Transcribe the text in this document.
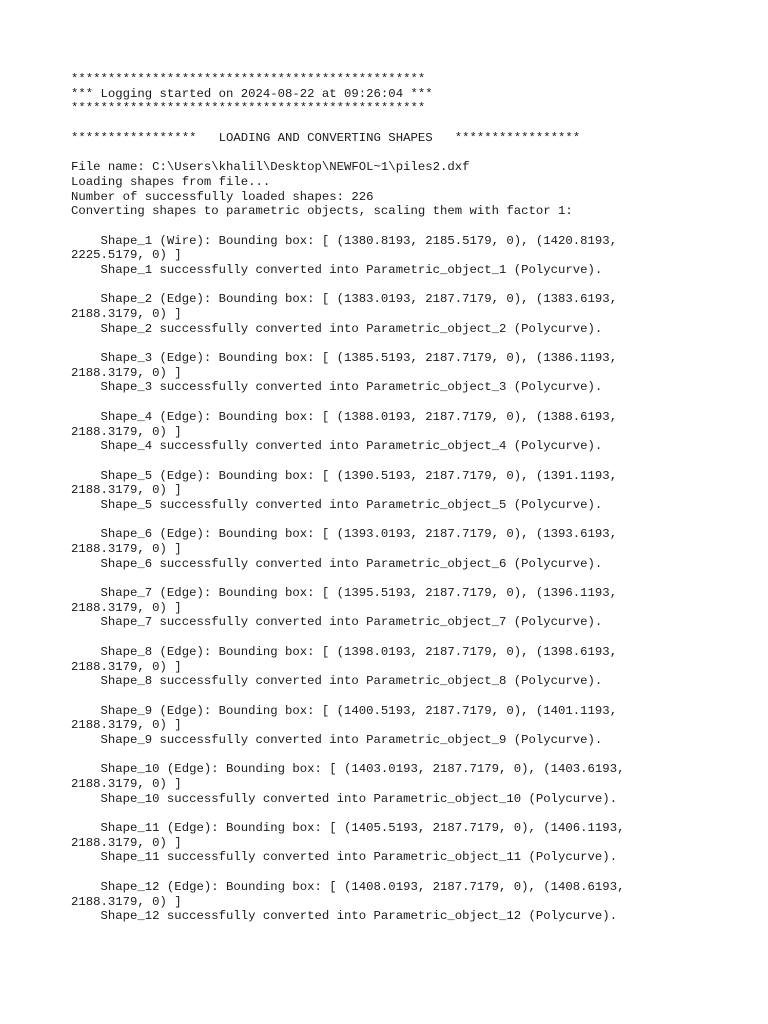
************************************************
*** Logging started on 2024-08-22 at 09:26:04 ***
************************************************
*****************   LOADING AND CONVERTING SHAPES   *****************
File name: C:\Users\khalil\Desktop\NEWFOL~1\piles2.dxf
Loading shapes from file...
Number of successfully loaded shapes: 226
Converting shapes to parametric objects, scaling them with factor 1:
Shape_1 (Wire): Bounding box: [ (1380.8193, 2185.5179, 0), (1420.8193,
2225.5179, 0) ]
Shape_1 successfully converted into Parametric_object_1 (Polycurve).
Shape_2 (Edge): Bounding box: [ (1383.0193, 2187.7179, 0), (1383.6193,
2188.3179, 0) ]
Shape_2 successfully converted into Parametric_object_2 (Polycurve).
Shape_3 (Edge): Bounding box: [ (1385.5193, 2187.7179, 0), (1386.1193,
2188.3179, 0) ]
Shape_3 successfully converted into Parametric_object_3 (Polycurve).
Shape_4 (Edge): Bounding box: [ (1388.0193, 2187.7179, 0), (1388.6193,
2188.3179, 0) ]
Shape_4 successfully converted into Parametric_object_4 (Polycurve).
Shape_5 (Edge): Bounding box: [ (1390.5193, 2187.7179, 0), (1391.1193,
2188.3179, 0) ]
Shape_5 successfully converted into Parametric_object_5 (Polycurve).
Shape_6 (Edge): Bounding box: [ (1393.0193, 2187.7179, 0), (1393.6193,
2188.3179, 0) ]
Shape_6 successfully converted into Parametric_object_6 (Polycurve).
Shape_7 (Edge): Bounding box: [ (1395.5193, 2187.7179, 0), (1396.1193,
2188.3179, 0) ]
Shape_7 successfully converted into Parametric_object_7 (Polycurve).
Shape_8 (Edge): Bounding box: [ (1398.0193, 2187.7179, 0), (1398.6193,
2188.3179, 0) ]
Shape_8 successfully converted into Parametric_object_8 (Polycurve).
Shape_9 (Edge): Bounding box: [ (1400.5193, 2187.7179, 0), (1401.1193,
2188.3179, 0) ]
Shape_9 successfully converted into Parametric_object_9 (Polycurve).
Shape_10 (Edge): Bounding box: [ (1403.0193, 2187.7179, 0), (1403.6193,
2188.3179, 0) ]
Shape_10 successfully converted into Parametric_object_10 (Polycurve).
Shape_11 (Edge): Bounding box: [ (1405.5193, 2187.7179, 0), (1406.1193,
2188.3179, 0) ]
Shape_11 successfully converted into Parametric_object_11 (Polycurve).
Shape_12 (Edge): Bounding box: [ (1408.0193, 2187.7179, 0), (1408.6193,
2188.3179, 0) ]
Shape_12 successfully converted into Parametric_object_12 (Polycurve).
